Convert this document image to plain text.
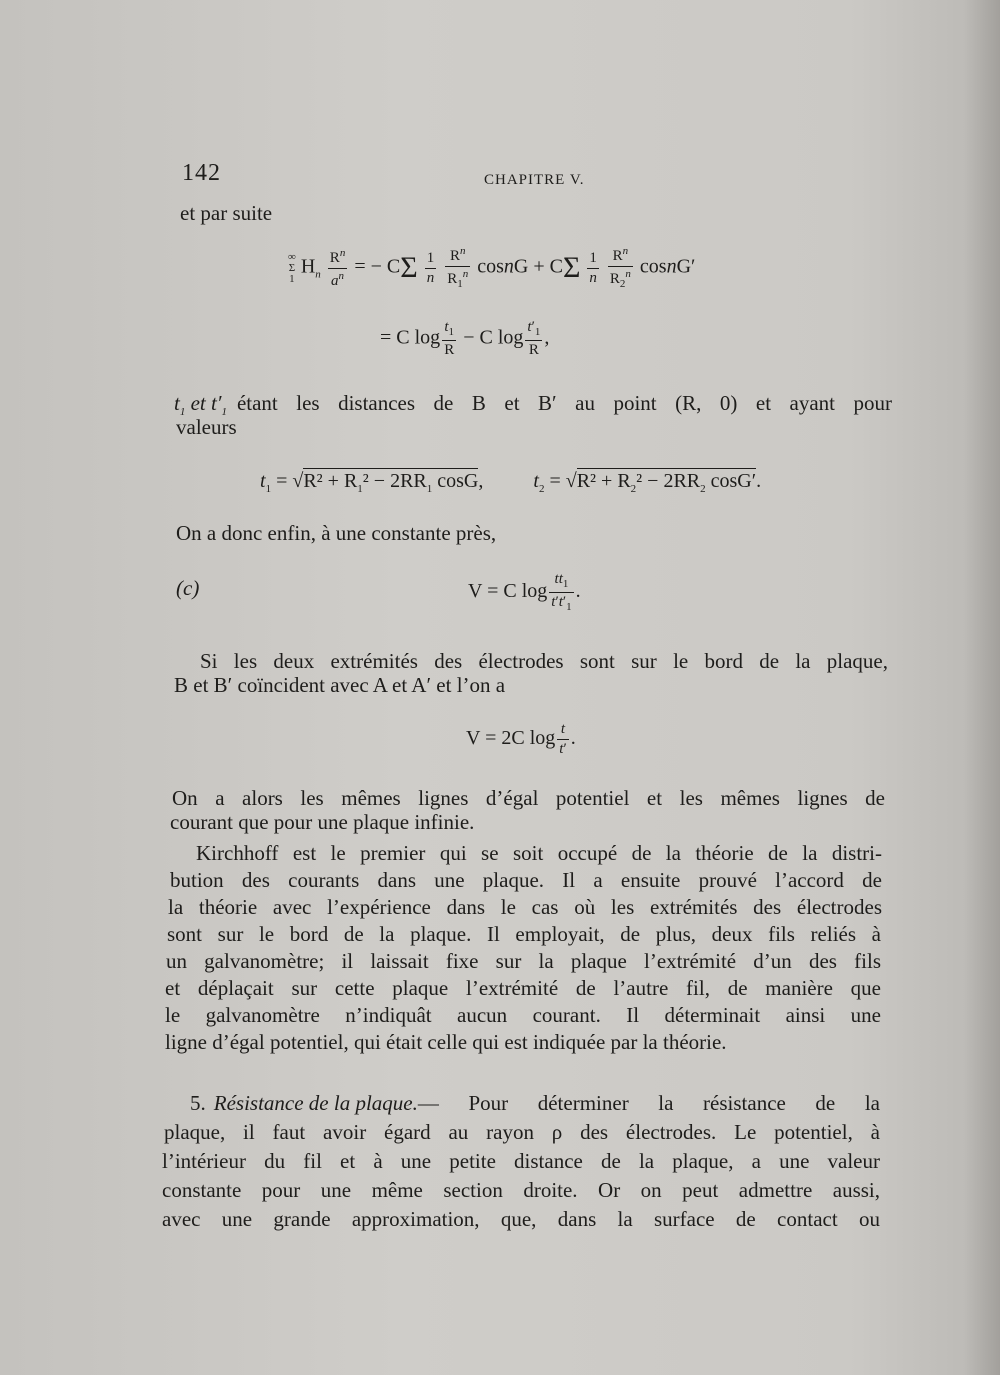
142	CHAPITRE V.
et par suite
∞
Σ
1
$H_n \frac{R^n}{a^n}$ = − CΣ $\frac{1}{n}$
$\frac{R^n}{R_1^n}$ cosnG + CΣ $\frac{1}{n}$
$\frac{R^n}{R_2^n}$ cosnG′
= C $\log \frac{t_1}{R} - C$ $\log \frac{t'_1}{R}$ ,
$t_1$ et $t'_1$ étant les distances de B et B′ au point (R, 0) et ayant pour
valeurs
$t_1 = √R^2 + R_1^2 - 2RR_1$ cosG,  $t_2 = √R^2 + R_2^2 - 2RR_2$ cosG′.
On a donc enfin, à une constante près,
(c)	V = C $\log \frac{tt_1}{t't'_1}$ .
Si les deux extrémités des électrodes sont sur le bord de la plaque,
B et B′ coïncident avec A et A′ et l’on a
V = 2C $\log \frac{t}{t'}$ .
On a alors les mêmes lignes d’égal potentiel et les mêmes lignes de
courant que pour une plaque infinie.
Kirchhoff est le premier qui se soit occupé de la théorie de la distri-
bution des courants dans une plaque. Il a ensuite prouvé l’accord de
la théorie avec l’expérience dans le cas où les extrémités des électrodes
sont sur le bord de la plaque. Il employait, de plus, deux fils reliés à
un galvanomètre; il laissait fixe sur la plaque l’extrémité d’un des fils
et déplaçait sur cette plaque l’extrémité de l’autre fil, de manière que
le galvanomètre n’indiquât aucun courant. Il déterminait ainsi une
ligne d’égal potentiel, qui était celle qui est indiquée par la théorie.
5. Résistance de la plaque. — Pour déterminer la résistance de la
plaque, il faut avoir égard au rayon ρ des électrodes. Le potentiel, à
l’intérieur du fil et à une petite distance de la plaque, a une valeur
constante pour une même section droite. Or on peut admettre aussi,
avec une grande approximation, que, dans la surface de contact ou
